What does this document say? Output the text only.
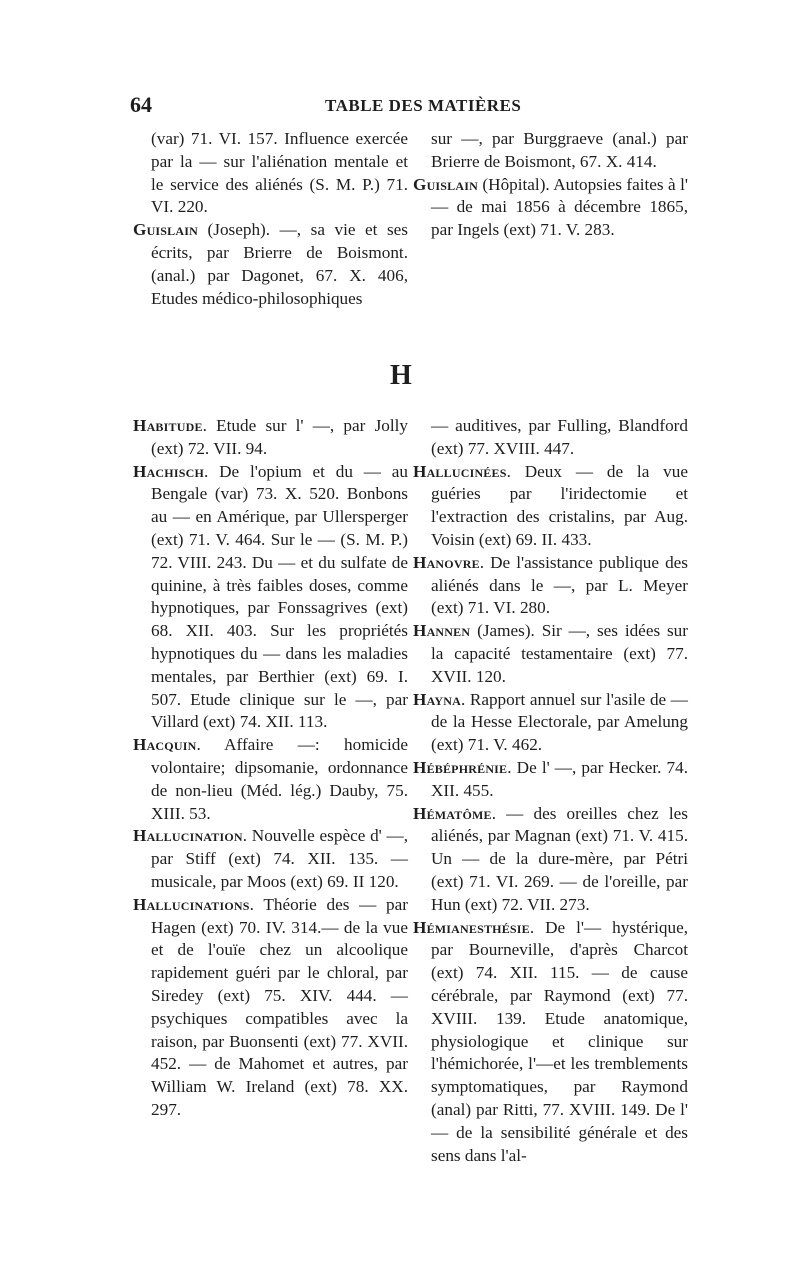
64	TABLE DES MATIÈRES

(var) 71. VI. 157. Influence exercée par la — sur l'aliénation mentale et le service des aliénés (S. M. P.) 71. VI. 220.

Guislain (Joseph). —, sa vie et ses écrits, par Brierre de Boismont. (anal.) par Dagonet, 67. X. 406, Etudes médico-philosophiques

sur —, par Burggraeve (anal.) par Brierre de Boismont, 67. X. 414.

Guislain (Hôpital). Autopsies faites à l' — de mai 1856 à décembre 1865, par Ingels (ext) 71. V. 283.

H

Habitude. Etude sur l' —, par Jolly (ext) 72. VII. 94.

Hachisch. De l'opium et du — au Bengale (var) 73. X. 520. Bonbons au — en Amérique, par Ullersperger (ext) 71. V. 464. Sur le — (S. M. P.) 72. VIII. 243. Du — et du sulfate de quinine, à très faibles doses, comme hypnotiques, par Fonssagrives (ext) 68. XII. 403. Sur les propriétés hypnotiques du — dans les maladies mentales, par Berthier (ext) 69. I. 507. Etude clinique sur le —, par Villard (ext) 74. XII. 113.

Hacquin. Affaire —: homicide volontaire; dipsomanie, ordonnance de non-lieu (Méd. lég.) Dauby, 75. XIII. 53.

Hallucination. Nouvelle espèce d' —, par Stiff (ext) 74. XII. 135. — musicale, par Moos (ext) 69. II 120.

Hallucinations. Théorie des — par Hagen (ext) 70. IV. 314.— de la vue et de l'ouïe chez un alcoolique rapidement guéri par le chloral, par Siredey (ext) 75. XIV. 444. — psychiques compatibles avec la raison, par Buonsenti (ext) 77. XVII. 452. — de Mahomet et autres, par William W. Ireland (ext) 78. XX. 297.

— auditives, par Fulling, Blandford (ext) 77. XVIII. 447.

Hallucinées. Deux — de la vue guéries par l'iridectomie et l'extraction des cristalins, par Aug. Voisin (ext) 69. II. 433.

Hanovre. De l'assistance publique des aliénés dans le —, par L. Meyer (ext) 71. VI. 280.

Hannen (James). Sir —, ses idées sur la capacité testamentaire (ext) 77. XVII. 120.

Hayna. Rapport annuel sur l'asile de — de la Hesse Electorale, par Amelung (ext) 71. V. 462.

Hébéphrénie. De l' —, par Hecker. 74. XII. 455.

Hématôme. — des oreilles chez les aliénés, par Magnan (ext) 71. V. 415. Un — de la dure-mère, par Pétri (ext) 71. VI. 269. — de l'oreille, par Hun (ext) 72. VII. 273.

Hémianesthésie. De l'— hystérique, par Bourneville, d'après Charcot (ext) 74. XII. 115. — de cause cérébrale, par Raymond (ext) 77. XVIII. 139. Etude anatomique, physiologique et clinique sur l'hémichorée, l'—et les tremblements symptomatiques, par Raymond (anal) par Ritti, 77. XVIII. 149. De l' — de la sensibilité générale et des sens dans l'al-
